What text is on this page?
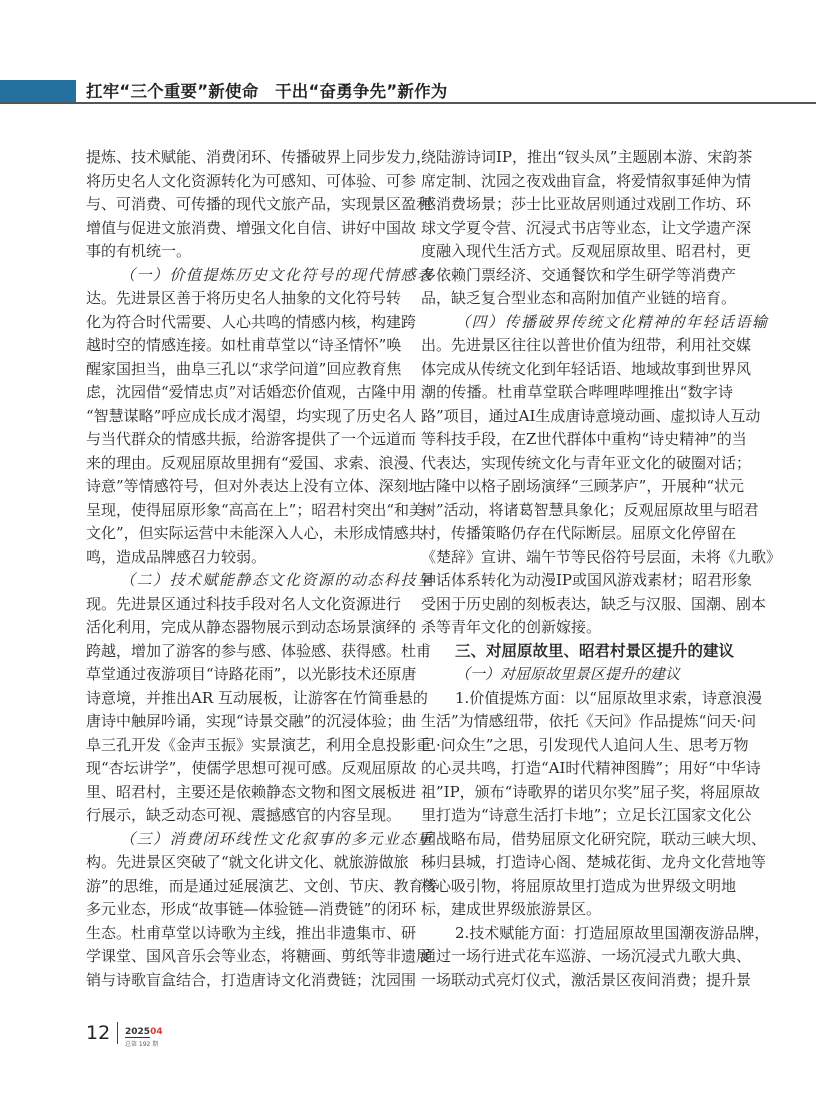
扛牢“三个重要”新使命　干出“奋勇争先”新作为
提炼、技术赋能、消费闭环、传播破界上同步发力，
将历史名人文化资源转化为可感知、可体验、可参
与、可消费、可传播的现代文旅产品，实现景区盈利
增值与促进文旅消费、增强文化自信、讲好中国故
事的有机统一。
（一）价值提炼历史文化符号的现代情感表
达。先进景区善于将历史名人抽象的文化符号转
化为符合时代需要、人心共鸣的情感内核，构建跨
越时空的情感连接。如杜甫草堂以“诗圣情怀”唤
醒家国担当，曲阜三孔以“求学问道”回应教育焦
虑，沈园借“爱情忠贞”对话婚恋价值观，古隆中用
“智慧谋略”呼应成长成才渴望，均实现了历史名人
与当代群众的情感共振，给游客提供了一个远道而
来的理由。反观屈原故里拥有“爱国、求索、浪漫、
诗意”等情感符号，但对外表达上没有立体、深刻地
呈现，使得屈原形象“高高在上”；昭君村突出“和美
文化”，但实际运营中未能深入人心，未形成情感共
鸣，造成品牌感召力较弱。
（二）技术赋能静态文化资源的动态科技呈
现。先进景区通过科技手段对名人文化资源进行
活化利用，完成从静态器物展示到动态场景演绎的
跨越，增加了游客的参与感、体验感、获得感。杜甫
草堂通过夜游项目“诗路花雨”，以光影技术还原唐
诗意境，并推出AR 互动展板，让游客在竹简垂悬的
唐诗中触屏吟诵，实现“诗景交融”的沉浸体验；曲
阜三孔开发《金声玉振》实景演艺，利用全息投影重
现“杏坛讲学”，使儒学思想可视可感。反观屈原故
里、昭君村，主要还是依赖静态文物和图文展板进
行展示，缺乏动态可视、震撼感官的内容呈现。
（三）消费闭环线性文化叙事的多元业态重
构。先进景区突破了“就文化讲文化、就旅游做旅
游”的思维，而是通过延展演艺、文创、节庆、教育等
多元业态，形成“故事链—体验链—消费链”的闭环
生态。杜甫草堂以诗歌为主线，推出非遗集市、研
学课堂、国风音乐会等业态，将糖画、剪纸等非遗展
销与诗歌盲盒结合，打造唐诗文化消费链；沈园围
绕陆游诗词IP，推出“钗头凤”主题剧本游、宋韵茶
席定制、沈园之夜戏曲盲盒，将爱情叙事延伸为情
感消费场景；莎士比亚故居则通过戏剧工作坊、环
球文学夏令营、沉浸式书店等业态，让文学遗产深
度融入现代生活方式。反观屈原故里、昭君村，更
多依赖门票经济、交通餐饮和学生研学等消费产
品，缺乏复合型业态和高附加值产业链的培育。
（四）传播破界传统文化精神的年轻话语输
出。先进景区往往以普世价值为纽带，利用社交媒
体完成从传统文化到年轻话语、地域故事到世界风
潮的传播。杜甫草堂联合哔哩哔哩推出“数字诗
路”项目，通过AI生成唐诗意境动画、虚拟诗人互动
等科技手段，在Z世代群体中重构“诗史精神”的当
代表达，实现传统文化与青年亚文化的破圈对话；
古隆中以格子剧场演绎“三顾茅庐”，开展种“状元
树”活动，将诸葛智慧具象化；反观屈原故里与昭君
村，传播策略仍存在代际断层。屈原文化停留在
《楚辞》宣讲、端午节等民俗符号层面，未将《九歌》
神话体系转化为动漫IP或国风游戏素材；昭君形象
受困于历史剧的刻板表达，缺乏与汉服、国潮、剧本
杀等青年文化的创新嫁接。
三、对屈原故里、昭君村景区提升的建议
（一）对屈原故里景区提升的建议
1.价值提炼方面：以“屈原故里求索，诗意浪漫
生活”为情感纽带，依托《天问》作品提炼“问天·问
己·问众生”之思，引发现代人追问人生、思考万物
的心灵共鸣，打造“AI时代精神图腾”；用好“中华诗
祖”IP，颁布“诗歌界的诺贝尔奖”屈子奖，将屈原故
里打造为“诗意生活打卡地”；立足长江国家文化公
园战略布局，借势屈原文化研究院，联动三峡大坝、
秭归县城，打造诗心阁、楚城花街、龙舟文化营地等
核心吸引物，将屈原故里打造成为世界级文明地
标，建成世界级旅游景区。
2.技术赋能方面：打造屈原故里国潮夜游品牌，
通过一场行进式花车巡游、一场沉浸式九歌大典、
一场联动式亮灯仪式，激活景区夜间消费；提升景
12 202504
总第 192 期
